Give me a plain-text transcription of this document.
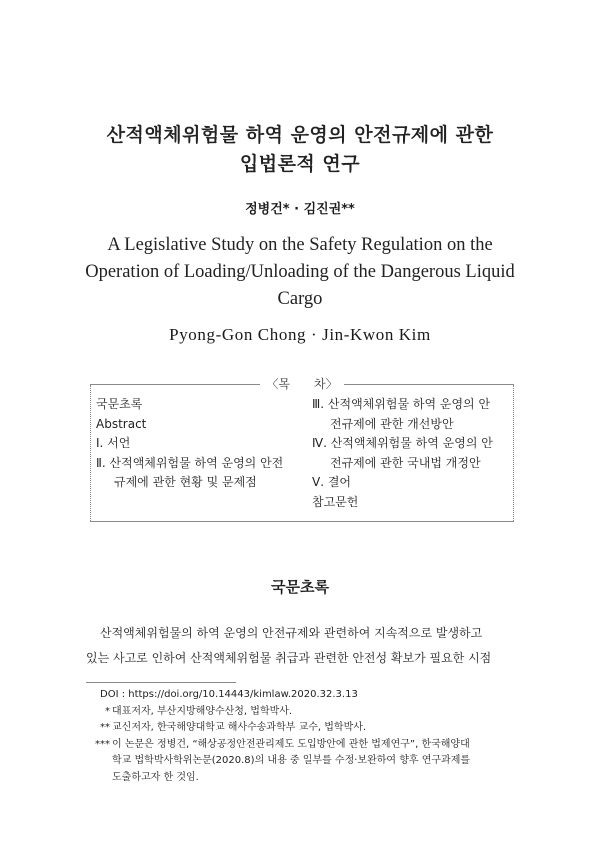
산적액체위험물 하역 운영의 안전규제에 관한
입법론적 연구
정병건* · 김진권**
A Legislative Study on the Safety Regulation on the
Operation of Loading/Unloading of the Dangerous Liquid
Cargo
Pyong-Gon Chong · Jin-Kwon Kim
〈목　　차〉
국문초록
Abstract
Ⅰ. 서언
Ⅱ. 산적액체위험물 하역 운영의 안전
규제에 관한 현황 및 문제점
Ⅲ. 산적액체위험물 하역 운영의 안
전규제에 관한 개선방안
Ⅳ. 산적액체위험물 하역 운영의 안
전규제에 관한 국내법 개정안
Ⅴ. 결어
참고문헌
국문초록
산적액체위험물의 하역 운영의 안전규제와 관련하여 지속적으로 발생하고
있는 사고로 인하여 산적액체위험물 취급과 관련한 안전성 확보가 필요한 시점
DOI : https://doi.org/10.14443/kimlaw.2020.32.3.13
* 대표저자, 부산지방해양수산청, 법학박사.
** 교신저자, 한국해양대학교 해사수송과학부 교수, 법학박사.
*** 이 논문은 정병건, “해상공정안전관리제도 도입방안에 관한 법제연구”, 한국해양대
학교 법학박사학위논문(2020.8)의 내용 중 일부를 수정·보완하여 향후 연구과제를
도출하고자 한 것임.
